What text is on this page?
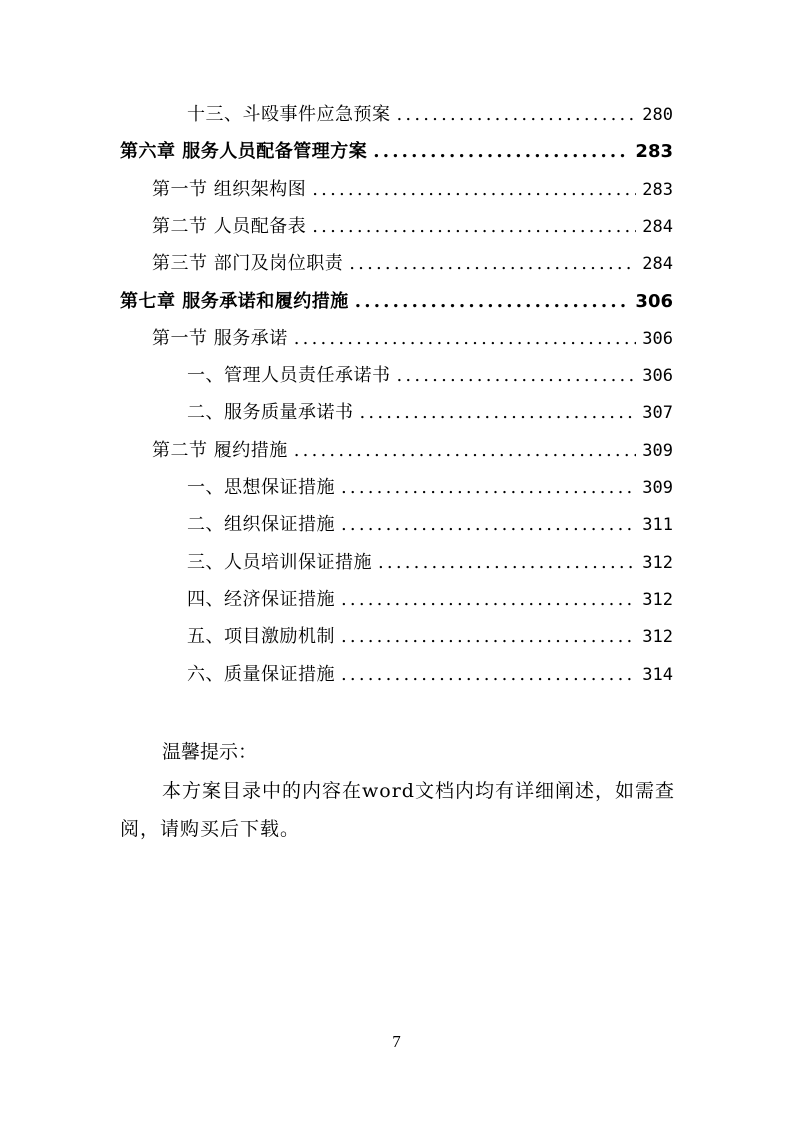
十三、斗殴事件应急预案 .....	280
第六章 服务人员配备管理方案 .....	283
第一节 组织架构图 .....	283
第二节 人员配备表 .....	284
第三节 部门及岗位职责 .....	284
第七章 服务承诺和履约措施 .....	306
第一节 服务承诺 .....	306
一、管理人员责任承诺书 .....	306
二、服务质量承诺书 .....	307
第二节 履约措施 .....	309
一、思想保证措施 .....	309
二、组织保证措施 .....	311
三、人员培训保证措施 .....	312
四、经济保证措施 .....	312
五、项目激励机制 .....	312
六、质量保证措施 .....	314
温馨提示：
本方案目录中的内容在word文档内均有详细阐述，如需查阅，请购买后下载。
7
